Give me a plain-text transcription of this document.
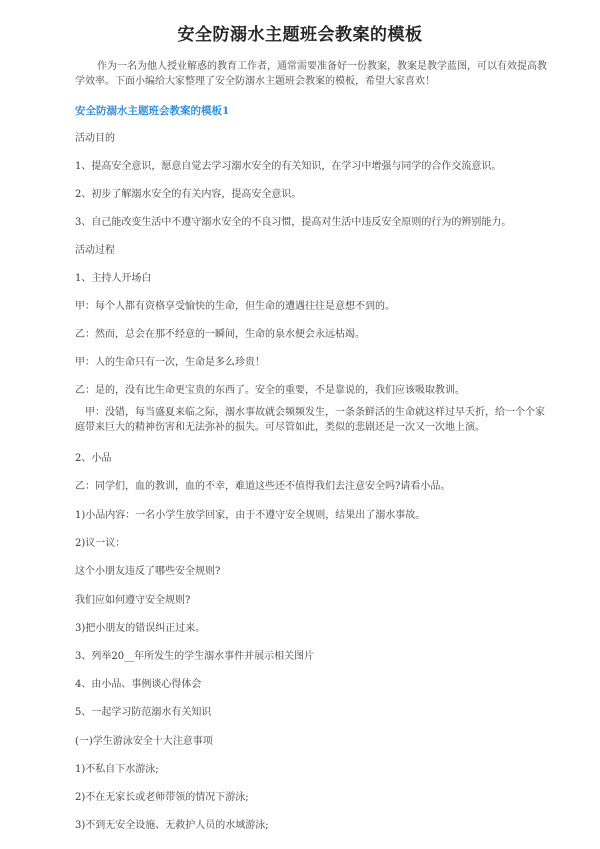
安全防溺水主题班会教案的模板
作为一名为他人授业解惑的教育工作者，通常需要准备好一份教案，教案是教学蓝图，可以有效提高教学效率。下面小编给大家整理了安全防溺水主题班会教案的模板，希望大家喜欢！
安全防溺水主题班会教案的模板1
活动目的
1、提高安全意识，愿意自觉去学习溺水安全的有关知识，在学习中增强与同学的合作交流意识。
2、初步了解溺水安全的有关内容，提高安全意识。
3、自己能改变生活中不遵守溺水安全的不良习惯，提高对生活中违反安全原则的行为的辨别能力。
活动过程
1、主持人开场白
甲：每个人都有资格享受愉快的生命，但生命的遭遇往往是意想不到的。
乙：然而，总会在那不经意的一瞬间，生命的泉水便会永远枯竭。
甲：人的生命只有一次，生命是多么珍贵！
乙：是的，没有比生命更宝贵的东西了。安全的重要，不是靠说的，我们应该吸取教训。
甲：没错，每当盛夏来临之际，溺水事故就会频频发生，一条条鲜活的生命就这样过早夭折，给一个个家庭带来巨大的精神伤害和无法弥补的损失。可尽管如此，类似的悲剧还是一次又一次地上演。
2、小品
乙：同学们，血的教训，血的不幸，难道这些还不值得我们去注意安全吗?请看小品。
1)小品内容：一名小学生放学回家，由于不遵守安全规则，结果出了溺水事故。
2)议一议：
这个小朋友违反了哪些安全规则?
我们应如何遵守安全规则?
3)把小朋友的错误纠正过来。
3、列举20__年所发生的学生溺水事件并展示相关图片
4、由小品、事例谈心得体会
5、一起学习防范溺水有关知识
(一)学生游泳安全十大注意事项
1)不私自下水游泳;
2)不在无家长或老师带领的情况下游泳;
3)不到无安全设施、无救护人员的水域游泳;
